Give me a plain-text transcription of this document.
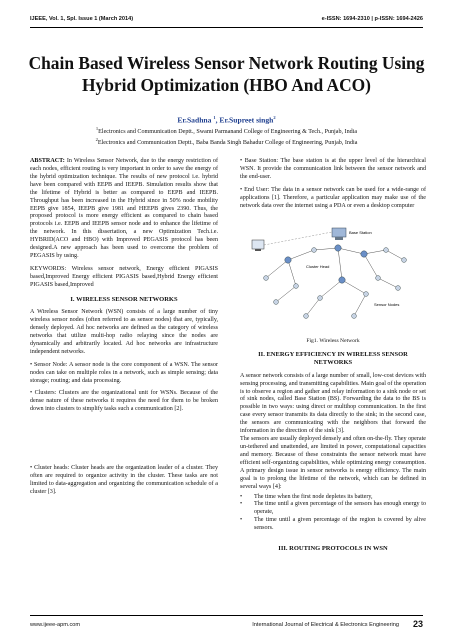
IJEEE, Vol. 1, Spl. Issue 1 (March 2014)	e-ISSN: 1694-2310 | p-ISSN: 1694-2426
Chain Based Wireless Sensor Network Routing Using Hybrid Optimization (HBO And ACO)
Er.Sadhna $^1$, Er.Supreet singh$^2$
$^1$Electronics and Communication Deptt., Swami Parmanand College of Engineering & Tech., Punjab, India
$^2$Electronics and Communication Deptt., Baba Banda Singh Bahadur College of Engineering, Punjab, India

ABSTRACT: In Wireless Sensor Network, due to the energy restriction of each nodes, efficient routing is very important in order to save the energy of the hybrid optimization technique. The results of new protocol i.e. hybrid have been compared with EEPB and IEEPB. Simulation results show that the lifetime of Hybrid is better as compared to EEPB and IEEPB. Throughput has been increased in the Hybrid since in 50% node mobility EEPB give 1854, IEEPB give 1981 and HEEPB gives 2390. Thus, the proposed protocol is more energy efficient as compared to chain based protocols i.e. EEPB and IEEPB sensor node and to enhance the lifetime of the network. In this dissertation, a new Optimization Tech.i.e. HYBRID(ACO and HBO) with Improved PEGASIS protocol has been designed.A new approach has been used to overcome the problem of PEGASIS by using.

KEYWORDS: Wireless sensor network, Energy efficient PIGASIS based,Improved Energy efficient PIGASIS based,Hybrid Energy efficient PIGASIS based,Improved

I. WIRELESS SENSOR NETWORKS

A Wireless Sensor Network (WSN) consists of a large number of tiny wireless sensor nodes (often referred to as sensor nodes) that are, typically, densely deployed. Ad hoc networks are defined as the category of wireless networks that utilize multi-hop radio relaying since the nodes are dynamically and arbitrarily located. Ad hoc networks are infrastructure independent networks.

• Sensor Node: A sensor node is the core component of a WSN. The sensor nodes can take on multiple roles in a network, such as simple sensing; data storage; routing; and data processing.

• Clusters: Clusters are the organizational unit for WSNs. Because of the dense nature of these networks it requires the need for them to be broken down into clusters to simplify tasks such a communication [2].

• Cluster heads: Cluster heads are the organization leader of a cluster. They often are required to organize activity in the cluster. These tasks are not limited to data-aggregation and organizing the communication schedule of a cluster [3].

• Base Station: The base station is at the upper level of the hierarchical WSN. It provide the communication link between the sensor network and the end-user.

• End User: The data in a sensor network can be used for a wide-range of applications [1]. Therefore, a particular application may make use of the network data over the internet using a PDA or even a desktop computer

Base Station
Cluster Head
Sensor Nodes
Fig1. Wireless Network
II. ENERGY EFFICIENCY IN WIRELESS SENSOR NETWORKS
A sensor network consists of a large number of small, low-cost devices with sensing processing, and transmitting capabilities. Main goal of the operation is to observe a region and gather and relay information to a sink node or set of sink nodes, called Base Station (BS). Forwarding the data to the BS is possible in two ways: using direct or multihop communication. In the first case every sensor transmits its data directly to the sink; in the second case, the sensors are communicating with the neighbors that forward the information in the direction of the sink [3].
The sensors are usually deployed densely and often on-the-fly. They operate un-tethered and unattended, are limited in power, computational capacities and memory. Because of these constraints the sensor network must have efficient self-organizing capabilities, while optimizing energy consumption. A primary design issue in sensor networks is energy efficiency. The main goal is to prolong the lifetime of the network, which can be defined in several ways [4]:
•	The time when the first node depletes its battery,
•	The time until a given percentage of the sensors has enough energy to operate,
•	The time until a given percentage of the region is covered by alive sensors.
III. ROUTING PROTOCOLS IN WSN
www.ijeee-apm.com	International Journal of Electrical & Electronics Engineering 23
